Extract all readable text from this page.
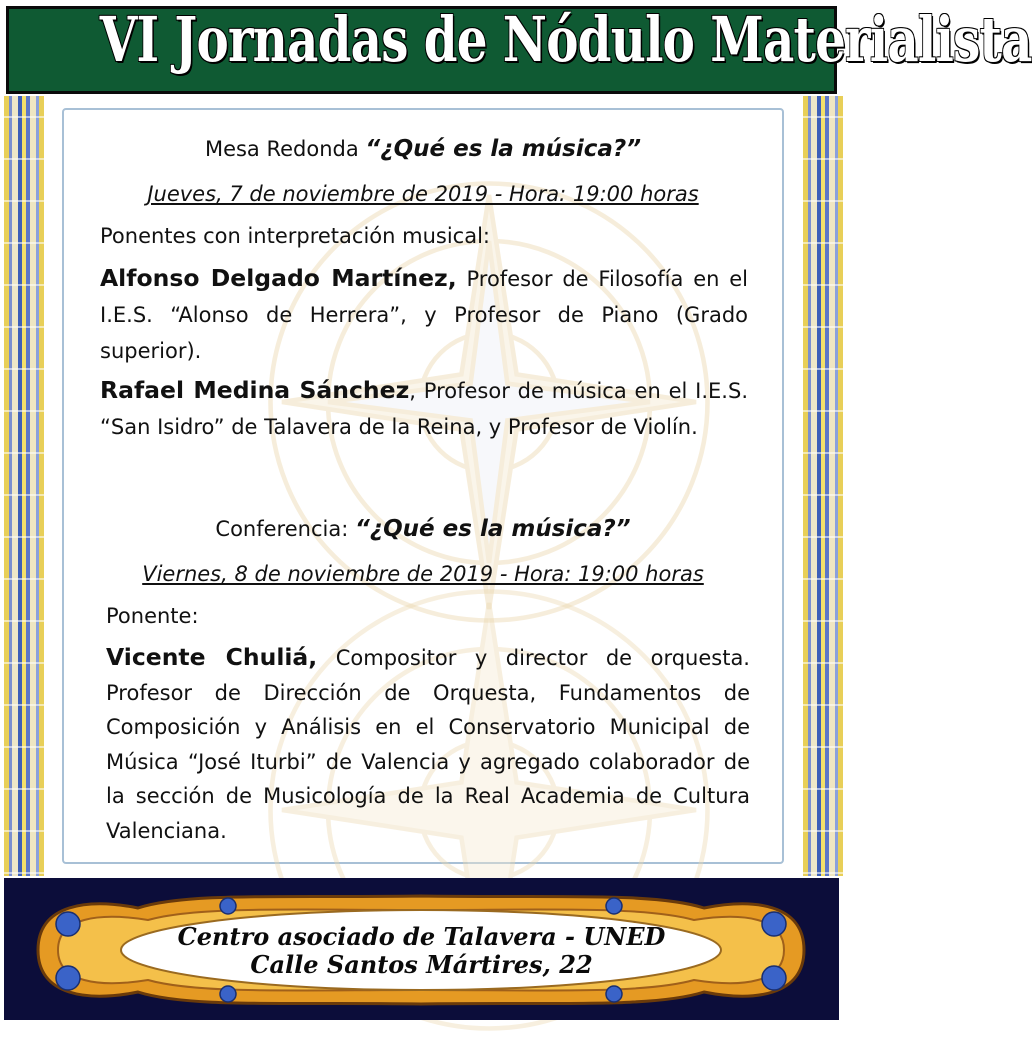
VI Jornadas de Nódulo Materialista
Mesa Redonda “¿Qué es la música?”
Jueves, 7 de noviembre de 2019 - Hora: 19:00 horas
Ponentes con interpretación musical:
Alfonso Delgado Martínez, Profesor de Filosofía en el I.E.S. “Alonso de Herrera”, y Profesor de Piano (Grado superior).
Rafael Medina Sánchez, Profesor de música en el I.E.S. “San Isidro” de Talavera de la Reina, y Profesor de Violín.
Conferencia: “¿Qué es la música?”
Viernes, 8 de noviembre de 2019 - Hora: 19:00 horas
Ponente:
Vicente Chuliá, Compositor y director de orquesta. Profesor de Dirección de Orquesta, Fundamentos de Composición y Análisis en el Conservatorio Municipal de Música “José Iturbi” de Valencia y agregado colaborador de la sección de Musicología de la Real Academia de Cultura Valenciana.
Centro asociado de Talavera - UNED
Calle Santos Mártires, 22
